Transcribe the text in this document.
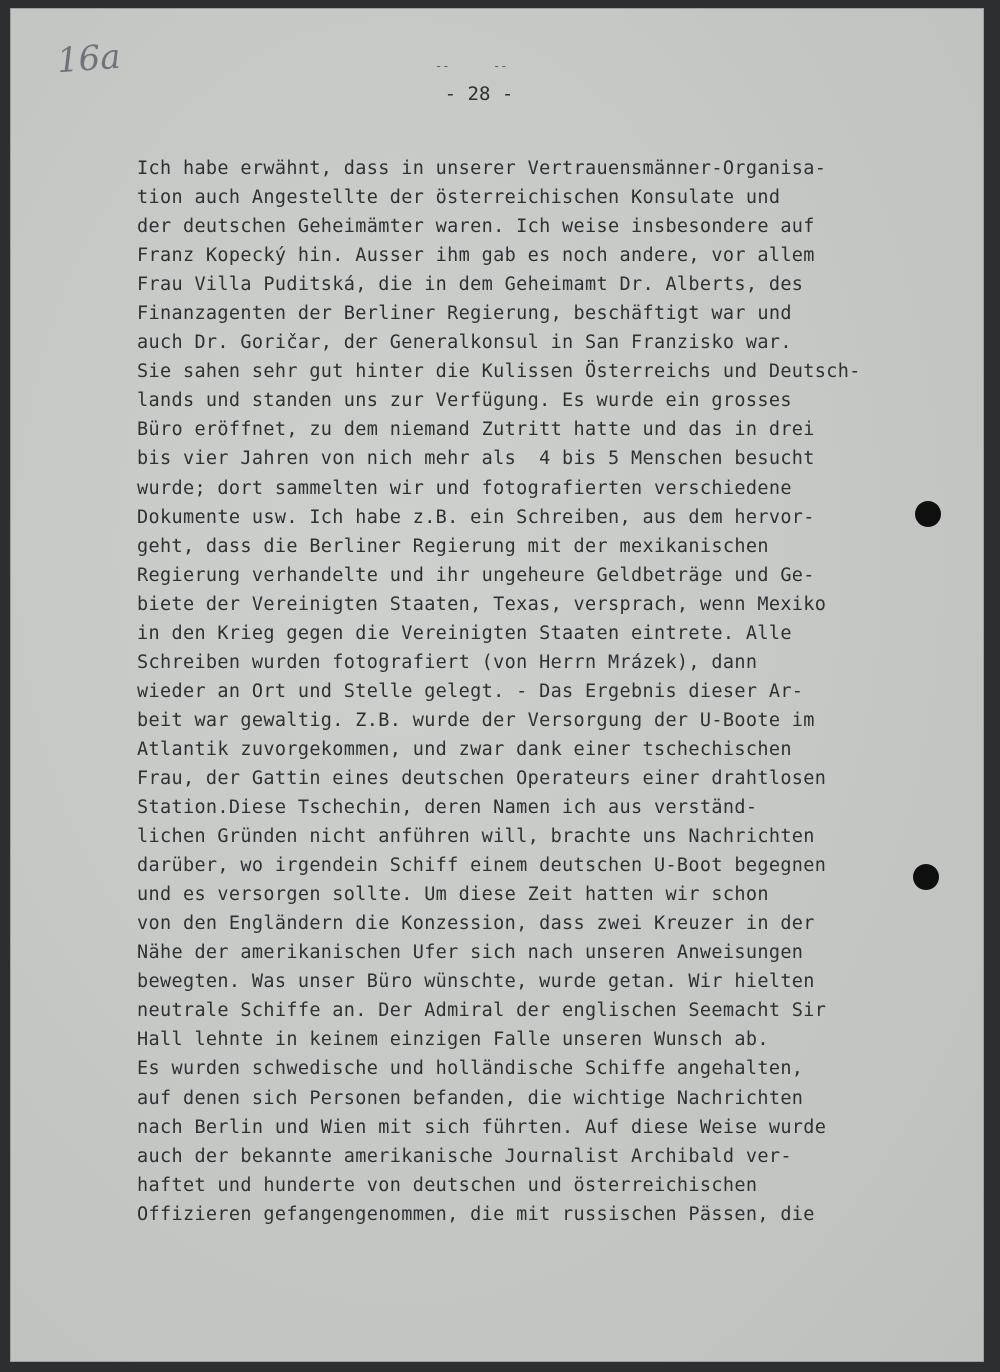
16a	‐‐	‐‐
- 28 -
Ich habe erwähnt, dass in unserer Vertrauensmänner-Organisa-
tion auch Angestellte der österreichischen Konsulate und
der deutschen Geheimämter waren. Ich weise insbesondere auf
Franz Kopecký hin. Ausser ihm gab es noch andere, vor allem
Frau Villa Puditská, die in dem Geheimamt Dr. Alberts, des
Finanzagenten der Berliner Regierung, beschäftigt war und
auch Dr. Goričar, der Generalkonsul in San Franzisko war.
Sie sahen sehr gut hinter die Kulissen Österreichs und Deutsch-
lands und standen uns zur Verfügung. Es wurde ein grosses
Büro eröffnet, zu dem niemand Zutritt hatte und das in drei
bis vier Jahren von nich mehr als  4 bis 5 Menschen besucht
wurde; dort sammelten wir und fotografierten verschiedene
Dokumente usw. Ich habe z.B. ein Schreiben, aus dem hervor-
geht, dass die Berliner Regierung mit der mexikanischen
Regierung verhandelte und ihr ungeheure Geldbeträge und Ge-
biete der Vereinigten Staaten, Texas, versprach, wenn Mexiko
in den Krieg gegen die Vereinigten Staaten eintrete. Alle
Schreiben wurden fotografiert (von Herrn Mrázek), dann
wieder an Ort und Stelle gelegt. - Das Ergebnis dieser Ar-
beit war gewaltig. Z.B. wurde der Versorgung der U-Boote im
Atlantik zuvorgekommen, und zwar dank einer tschechischen
Frau, der Gattin eines deutschen Operateurs einer drahtlosen
Station.Diese Tschechin, deren Namen ich aus verständ-
lichen Gründen nicht anführen will, brachte uns Nachrichten
darüber, wo irgendein Schiff einem deutschen U-Boot begegnen
und es versorgen sollte. Um diese Zeit hatten wir schon
von den Engländern die Konzession, dass zwei Kreuzer in der
Nähe der amerikanischen Ufer sich nach unseren Anweisungen
bewegten. Was unser Büro wünschte, wurde getan. Wir hielten
neutrale Schiffe an. Der Admiral der englischen Seemacht Sir
Hall lehnte in keinem einzigen Falle unseren Wunsch ab.
Es wurden schwedische und holländische Schiffe angehalten,
auf denen sich Personen befanden, die wichtige Nachrichten
nach Berlin und Wien mit sich führten. Auf diese Weise wurde
auch der bekannte amerikanische Journalist Archibald ver-
haftet und hunderte von deutschen und österreichischen
Offizieren gefangengenommen, die mit russischen Pässen, die
